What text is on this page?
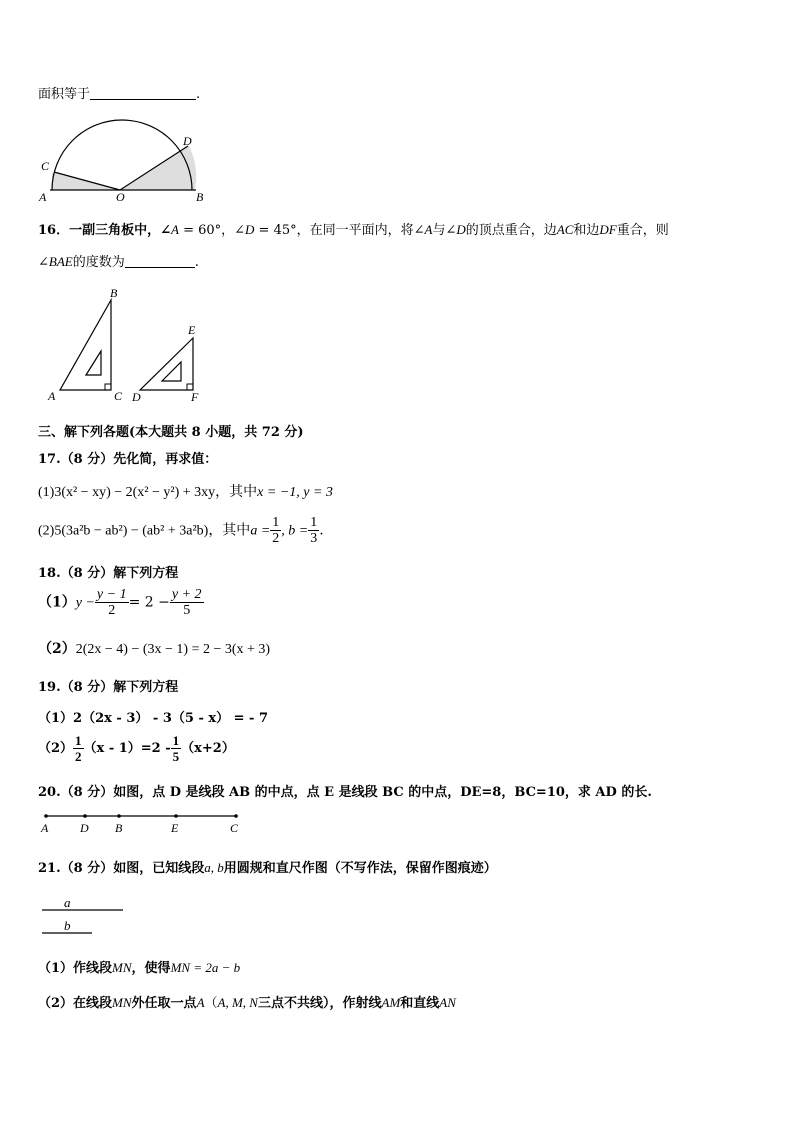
面积等于	.
C
D
A	O	B
16．一副三角板中，∠A = 60°，∠D = 45°，在同一平面内，将∠A与∠D的顶点重合，边AC和边DF重合，则
∠BAE的度数为	.
B
A	C
E
D	F
三、解下列各题(本大题共 8 小题，共 72 分)
17.（8 分）先化简，再求值：
(1)3(x² − xy) − 2(x² − y²) + 3xy，其中x = −1, y = 3
(2)5(3a²b − ab²) − (ab² + 3a²b)，其中$a = \frac{1}{2}$ , $b = \frac{1}{3}$ .
18.（8 分）解下列方程
$(1)y - \frac{y - 1}{2} = 2 - \frac{y + 2}{5}$
（2）2(2x − 4) − (3x − 1) = 2 − 3(x + 3)
19.（8 分）解下列方程
（1）2（2x - 3） - 3（5 - x） = - 7
$(2) \frac{1}{2} (x - 1)=2 - \frac{1}{5} (x+2)$
20.（8 分）如图，点 D 是线段 AB 的中点，点 E 是线段 BC 的中点，DE=8，BC=10，求 AD 的长.
A	D B	E	C
21.（8 分）如图，已知线段a, b用圆规和直尺作图（不写作法，保留作图痕迹）
a
b
（1）作线段MN，使得MN = 2a − b
（2）在线段MN外任取一点A（A, M, N三点不共线），作射线AM和直线AN
